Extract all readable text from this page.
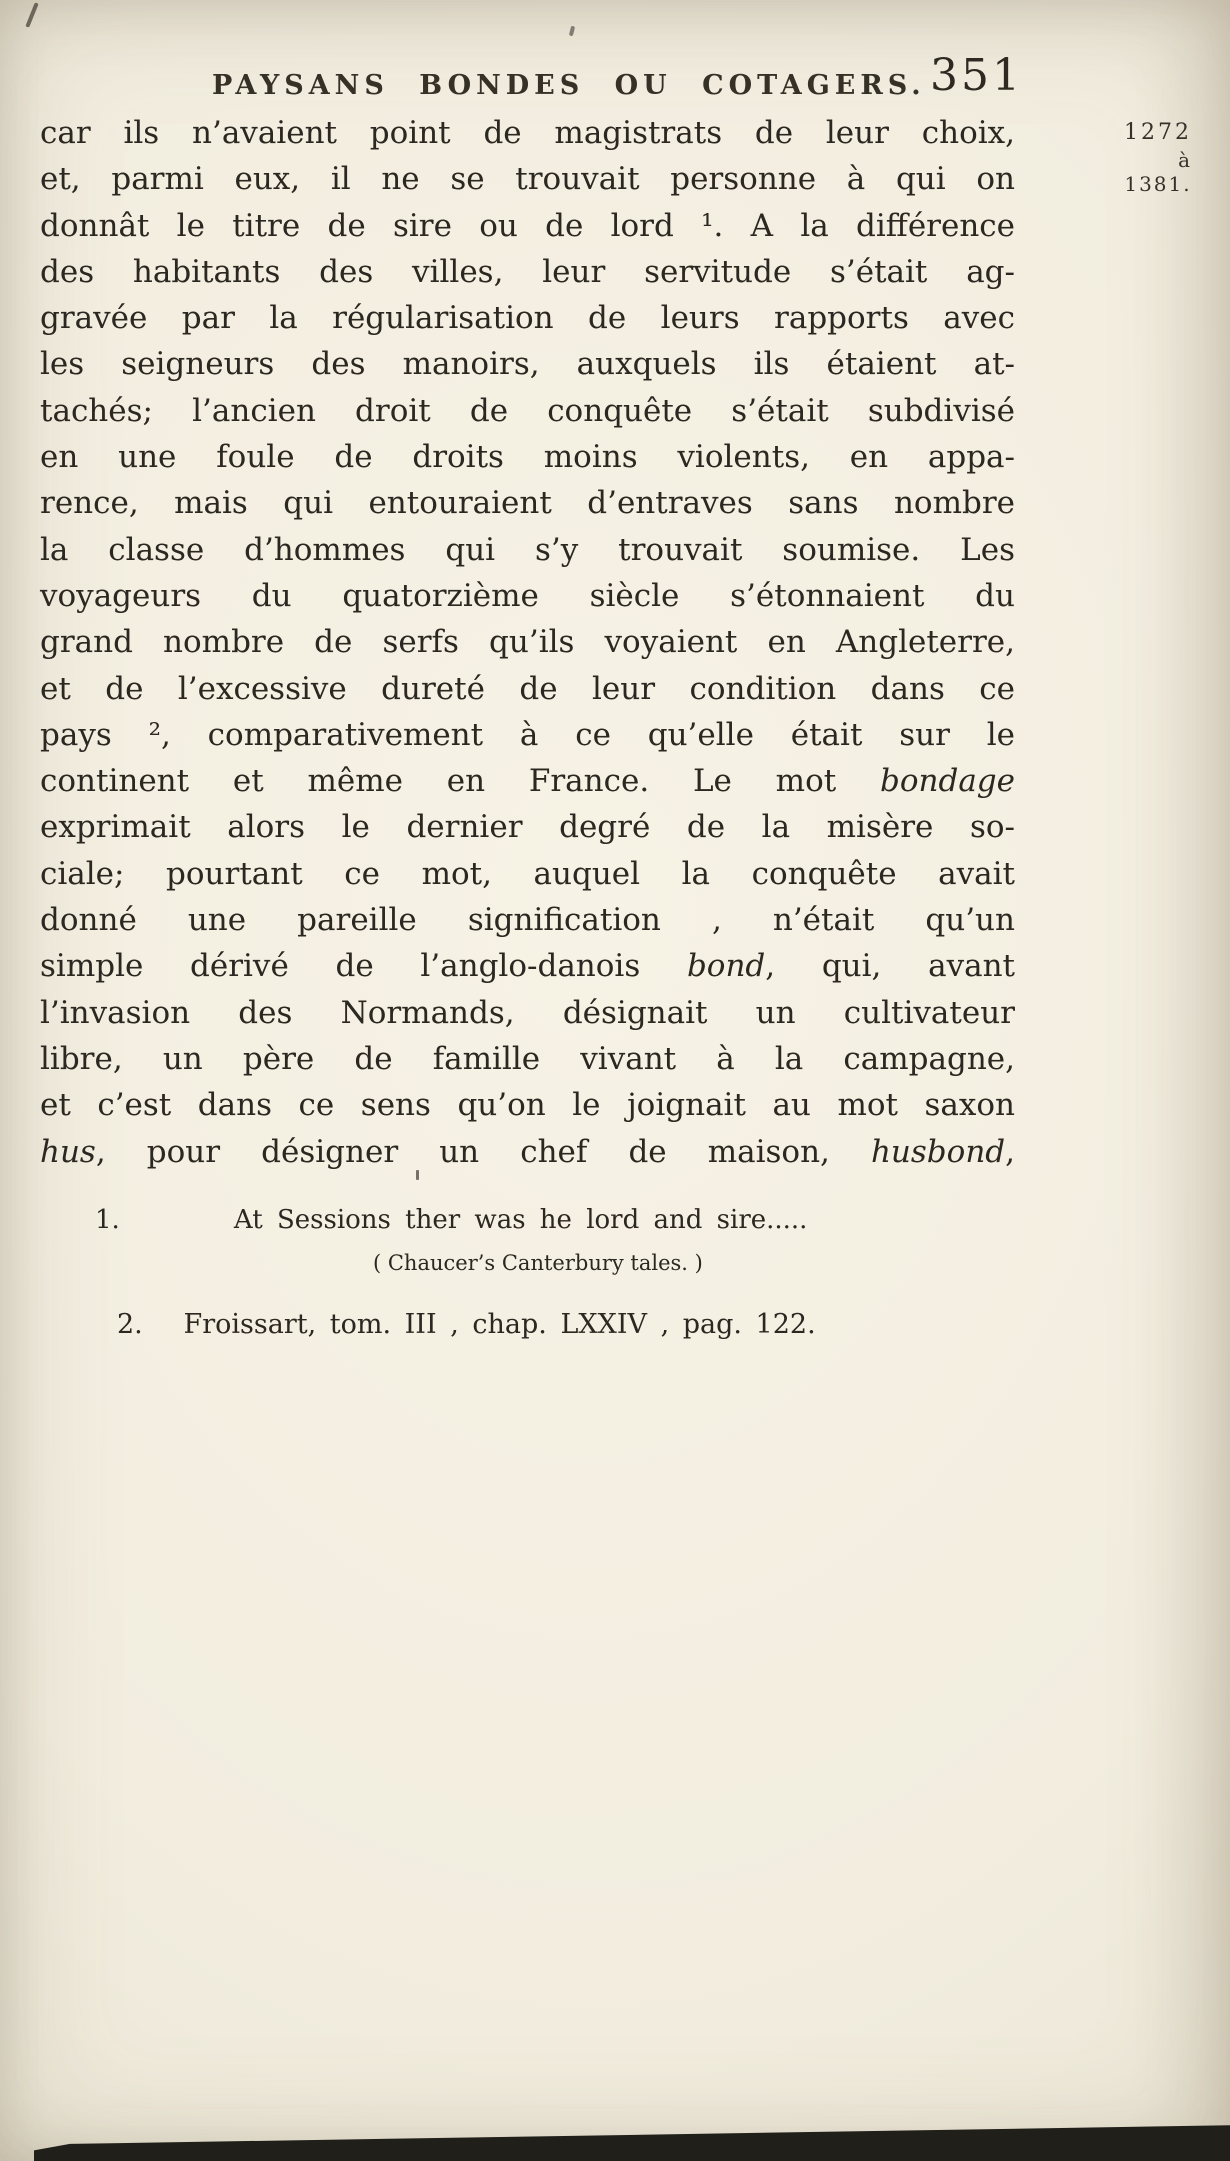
PAYSANS BONDES OU COTAGERS. 351
1272
à
1381.
car ils n’avaient point de magistrats de leur choix,
et, parmi eux, il ne se trouvait personne à qui on
donnât le titre de sire ou de lord ¹. A la différence
des habitants des villes, leur servitude s’était ag-
gravée par la régularisation de leurs rapports avec
les seigneurs des manoirs, auxquels ils étaient at-
tachés; l’ancien droit de conquête s’était subdivisé
en une foule de droits moins violents, en appa-
rence, mais qui entouraient d’entraves sans nombre
la classe d’hommes qui s’y trouvait soumise. Les
voyageurs du quatorzième siècle s’étonnaient du
grand nombre de serfs qu’ils voyaient en Angleterre,
et de l’excessive dureté de leur condition dans ce
pays ², comparativement à ce qu’elle était sur le
continent et même en France. Le mot bondage
exprimait alors le dernier degré de la misère so-
ciale; pourtant ce mot, auquel la conquête avait
donné une pareille signification , n’était qu’un
simple dérivé de l’anglo-danois bond, qui, avant
l’invasion des Normands, désignait un cultivateur
libre, un père de famille vivant à la campagne,
et c’est dans ce sens qu’on le joignait au mot saxon
hus, pour désigner un chef de maison, husbond,
1.        At Sessions ther was he lord and sire.....
( Chaucer’s Canterbury tales. )
2.   Froissart, tom. III , chap. LXXIV , pag. 122.
